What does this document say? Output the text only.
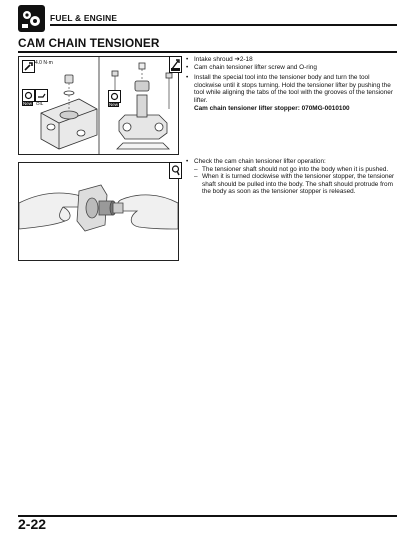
FUEL & ENGINE
CAM CHAIN TENSIONER
4.0 N·m
New OIL	New
• Intake shroud ➔2-18
• Cam chain tensioner lifter screw and O-ring
• Install the special tool into the tensioner body and turn the tool clockwise until it stops turning. Hold the tensioner lifter by pushing the tool while aligning the tabs of the tool with the grooves of the tensioner lifter.
Cam chain tensioner lifter stopper: 070MG-0010100
• Check the cam chain tensioner lifter operation:
– The tensioner shaft should not go into the body when it is pushed.
– When it is turned clockwise with the tensioner stopper, the tensioner shaft should be pulled into the body. The shaft should protrude from the body as soon as the tensioner stopper is released.
2-22
